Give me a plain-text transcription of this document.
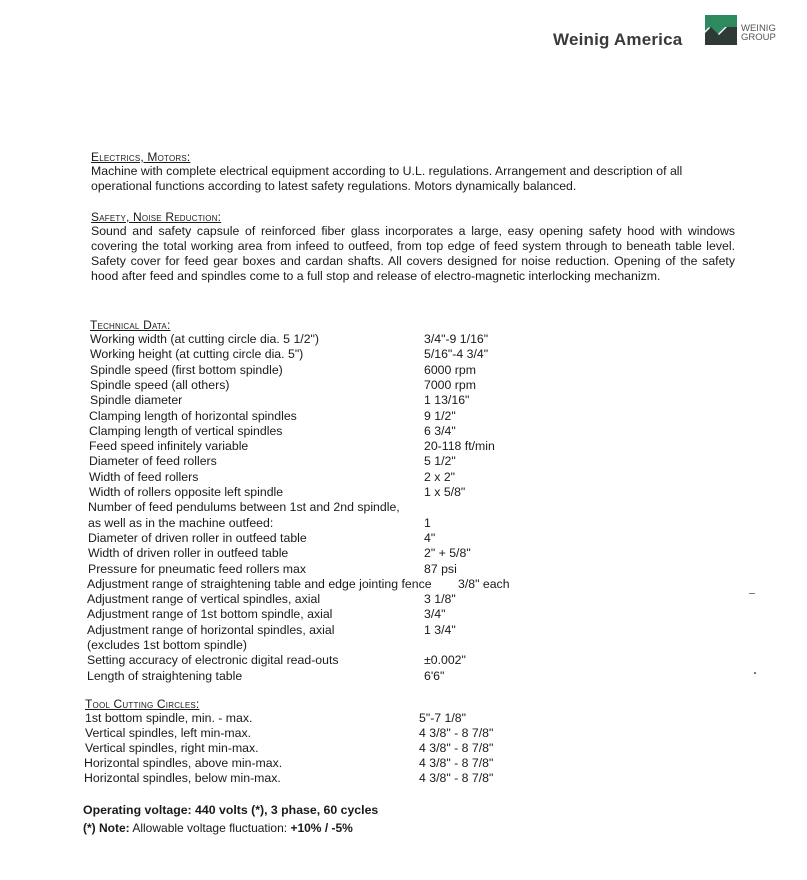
Weinig America
WEINIG
GROUP
Electrics, Motors:

Machine with complete electrical equipment according to U.L. regulations. Arrangement and description of all operational functions according to latest safety regulations. Motors dynamically balanced.

Safety, Noise Reduction:

Sound and safety capsule of reinforced fiber glass incorporates a large, easy opening safety hood with windows covering the total working area from infeed to outfeed, from top edge of feed system through to beneath table level. Safety cover for feed gear boxes and cardan shafts. All covers designed for noise reduction. Opening of the safety hood after feed and spindles come to a full stop and release of electro-magnetic interlocking mechanizm.

Technical Data:
Working width (at cutting circle dia. 5 1/2")	3/4"-9 1/16"
Working height (at cutting circle dia. 5")	5/16"-4 3/4"
Spindle speed (first bottom spindle)	6000 rpm
Spindle speed (all others)	7000 rpm
Spindle diameter	1 13/16"
Clamping length of horizontal spindles	9 1/2"
Clamping length of vertical spindles	6 3/4"
Feed speed infinitely variable	20-118 ft/min
Diameter of feed rollers	5 1/2"
Width of feed rollers	2 x 2"
Width of rollers opposite left spindle	1 x 5/8"
Number of feed pendulums between 1st and 2nd spindle,
as well as in the machine outfeed:	1
Diameter of driven roller in outfeed table	4"
Width of driven roller in outfeed table	2" + 5/8"
Pressure for pneumatic feed rollers max	87 psi
Adjustment range of straightening table and edge jointing fence 3/8" each
Adjustment range of vertical spindles, axial	3 1/8"
Adjustment range of 1st bottom spindle, axial	3/4"
Adjustment range of horizontal spindles, axial	1 3/4"
(excludes 1st bottom spindle)
Setting accuracy of electronic digital read-outs	±0.002"
Length of straightening table	6'6"
Tool Cutting Circles:
1st bottom spindle, min. - max.	5"-7 1/8"
Vertical spindles, left min-max.	4 3/8" - 8 7/8"
Vertical spindles, right min-max.	4 3/8" - 8 7/8"
Horizontal spindles, above min-max.	4 3/8" - 8 7/8"
Horizontal spindles, below min-max.	4 3/8" - 8 7/8"
Operating voltage: 440 volts (*), 3 phase, 60 cycles
(*) Note: Allowable voltage fluctuation: +10% / -5%
